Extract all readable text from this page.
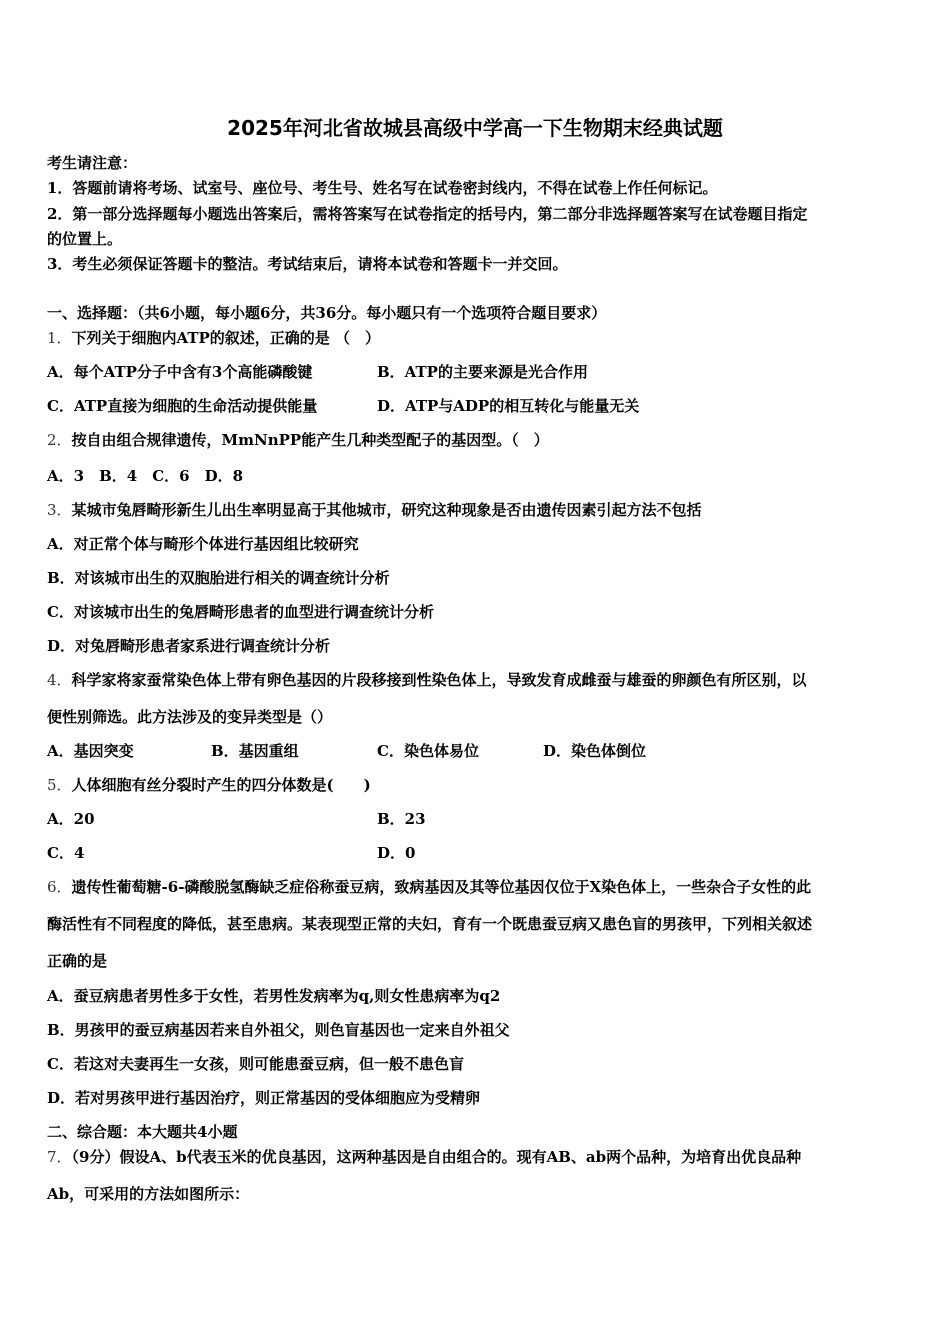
2025年河北省故城县高级中学高一下生物期末经典试题
考生请注意：
1．答题前请将考场、试室号、座位号、考生号、姓名写在试卷密封线内，不得在试卷上作任何标记。
2．第一部分选择题每小题选出答案后，需将答案写在试卷指定的括号内，第二部分非选择题答案写在试卷题目指定
的位置上。
3．考生必须保证答题卡的整洁。考试结束后，请将本试卷和答题卡一并交回。
一、选择题：（共6小题，每小题6分，共36分。每小题只有一个选项符合题目要求）
1．下列关于细胞内ATP的叙述，正确的是 （　）
A．每个ATP分子中含有3个高能磷酸键	B．ATP的主要来源是光合作用
C．ATP直接为细胞的生命活动提供能量	D．ATP与ADP的相互转化与能量无关
2．按自由组合规律遗传，MmNnPP能产生几种类型配子的基因型。（　）
A．3　B．4　C．6　D．8
3．某城市兔唇畸形新生儿出生率明显高于其他城市，研究这种现象是否由遗传因素引起方法不包括
A．对正常个体与畸形个体进行基因组比较研究
B．对该城市出生的双胞胎进行相关的调查统计分析
C．对该城市出生的兔唇畸形患者的血型进行调查统计分析
D．对兔唇畸形患者家系进行调查统计分析
4．科学家将家蚕常染色体上带有卵色基因的片段移接到性染色体上，导致发育成雌蚕与雄蚕的卵颜色有所区别，以
便性别筛选。此方法涉及的变异类型是（）
A．基因突变	B．基因重组	C．染色体易位	D．染色体倒位
5．人体细胞有丝分裂时产生的四分体数是(　　)
A．20	B．23
C．4	D．0
6．遗传性葡萄糖-6-磷酸脱氢酶缺乏症俗称蚕豆病，致病基因及其等位基因仅位于X染色体上，一些杂合子女性的此
酶活性有不同程度的降低，甚至患病。某表现型正常的夫妇，育有一个既患蚕豆病又患色盲的男孩甲，下列相关叙述
正确的是
A．蚕豆病患者男性多于女性，若男性发病率为q,则女性患病率为q2
B．男孩甲的蚕豆病基因若来自外祖父，则色盲基因也一定来自外祖父
C．若这对夫妻再生一女孩，则可能患蚕豆病，但一般不患色盲
D．若对男孩甲进行基因治疗，则正常基因的受体细胞应为受精卵
二、综合题：本大题共4小题
7．（9分）假设A、b代表玉米的优良基因，这两种基因是自由组合的。现有AB、ab两个品种，为培育出优良品种
Ab，可采用的方法如图所示：
